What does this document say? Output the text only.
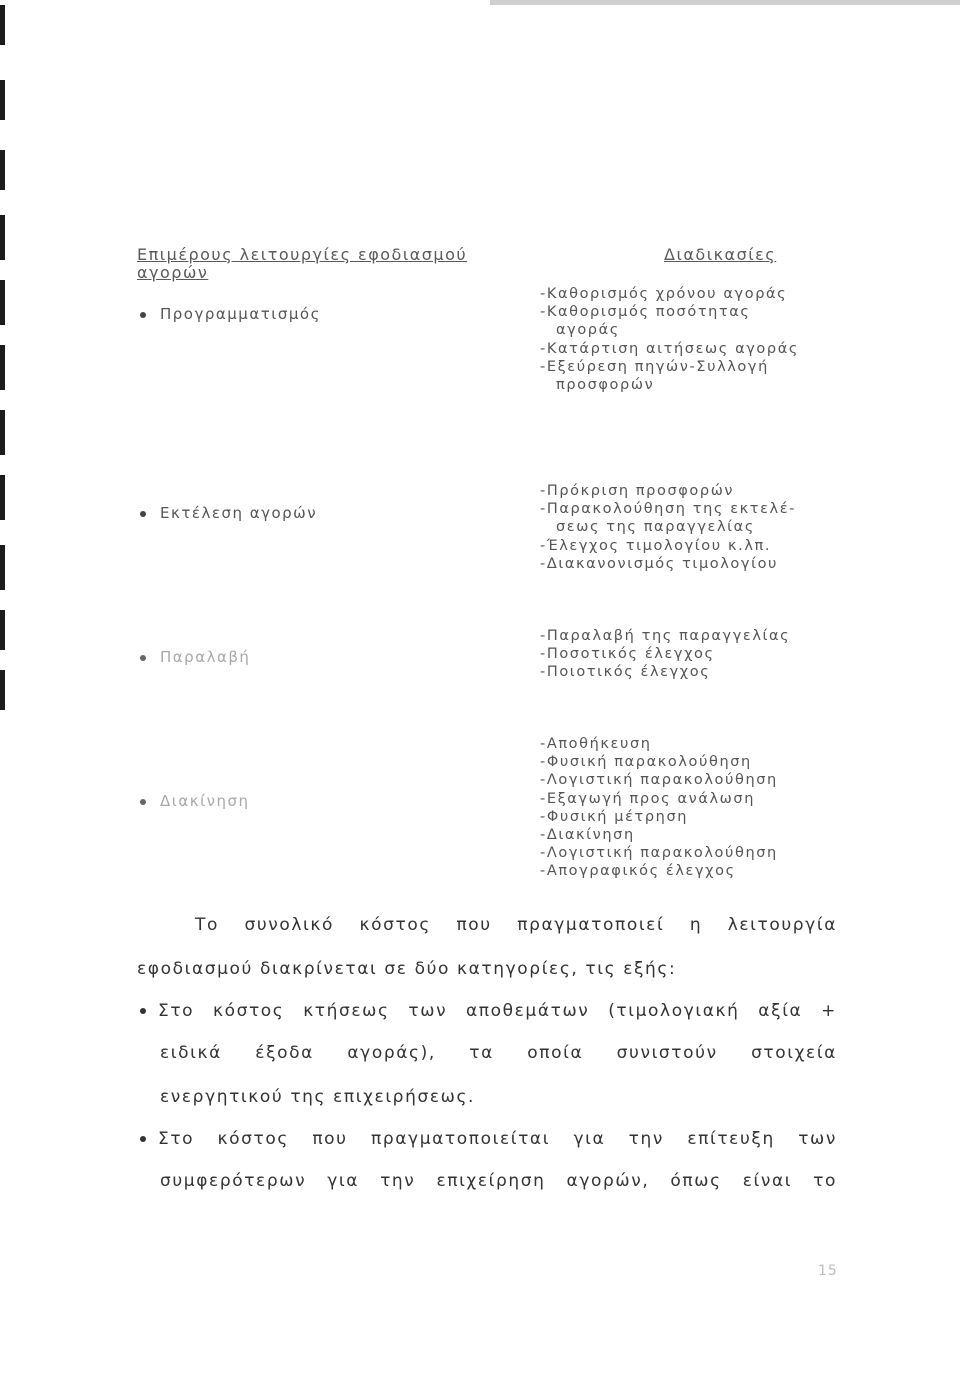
Επιμέρους λειτουργίες εφοδιασμού αγορών
Διαδικασίες
Προγραμματισμός
-Καθορισμός χρόνου αγοράς
-Καθορισμός ποσότητας
αγοράς
-Κατάρτιση αιτήσεως αγοράς
-Εξεύρεση πηγών-Συλλογή
προσφορών
Εκτέλεση αγορών
-Πρόκριση προσφορών
-Παρακολούθηση της εκτελέ-
σεως της παραγγελίας
-Έλεγχος τιμολογίου κ.λπ.
-Διακανονισμός τιμολογίου
Παραλαβή
-Παραλαβή της παραγγελίας
-Ποσοτικός έλεγχος
-Ποιοτικός έλεγχος
Διακίνηση
-Αποθήκευση
-Φυσική παρακολούθηση
-Λογιστική παρακολούθηση
-Εξαγωγή προς ανάλωση
-Φυσική μέτρηση
-Διακίνηση
-Λογιστική παρακολούθηση
-Απογραφικός έλεγχος
Το συνολικό κόστος που πραγματοποιεί η λειτουργία
εφοδιασμού διακρίνεται σε δύο κατηγορίες, τις εξής:
Στο κόστος κτήσεως των αποθεμάτων (τιμολογιακή αξία +
ειδικά έξοδα αγοράς), τα οποία συνιστούν στοιχεία
ενεργητικού της επιχειρήσεως.
Στο κόστος που πραγματοποιείται για την επίτευξη των
συμφερότερων για την επιχείρηση αγορών, όπως είναι το
15
